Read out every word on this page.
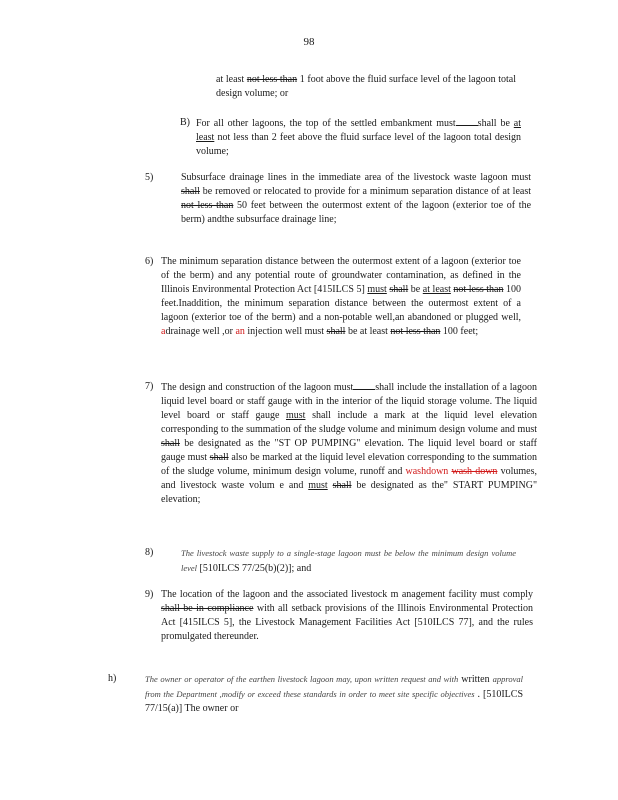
98
at least not less than 1 foot above the fluid surface level of the lagoon total design volume; or
B) For all other lagoons, the top of the settled embankment must shall be at least not less than 2 feet above the fluid surface level of the lagoon total design volume;
5)	Subsurface drainage lines in the immediate area of the livestock waste lagoon must shall be removed or relocated to provide for a minimum separation distance of at least not less than 50 feet between the outermost extent of the lagoon (exterior toe of the berm) andthe subsurface drainage line;
6) The minimum separation distance between the outermost extent of a lagoon (exterior toe of the berm) and any potential route of groundwater contamination, as defined in the Illinois Environmental Protection Act [415ILCS 5] must shall be at least not less than 100 feet.Inaddition, the minimum separation distance between the outermost extent of a lagoon (exterior toe of the berm) and a non-potable well,an abandoned or plugged well, adrainage well ,or an injection well must shall be at least not less than 100 feet;
7) The design and construction of the lagoon must shall include the installation of a lagoon liquid level board or staff gauge with in the interior of the liquid storage volume. The liquid level board or staff gauge must shall include a mark at the liquid level elevation corresponding to the summation of the sludge volume and minimum design volume and must shall be designated as the "ST OP PUMPING" elevation. The liquid level board or staff gauge must shall also be marked at the liquid level elevation corresponding to the summation of the sludge volume, minimum design volume, runoff and washdown wash down volumes, and livestock waste volum e and must shall be designated as the" START PUMPING" elevation;
8)	The livestock waste supply to a single-stage lagoon must be below the minimum design volume level [510ILCS 77/25(b)(2)]; and
9) The location of the lagoon and the associated livestock m anagement facility must comply shall be in compliance with all setback provisions of the Illinois Environmental Protection Act [415ILCS 5], the Livestock Management Facilities Act [510ILCS 77], and the rules promulgated thereunder.
h)	The owner or operator of the earthen livestock lagoon may, upon written request and with written approval from the Department ,modify or exceed these standards in order to meet site specific objectives . [510ILCS 77/15(a)] The owner or
